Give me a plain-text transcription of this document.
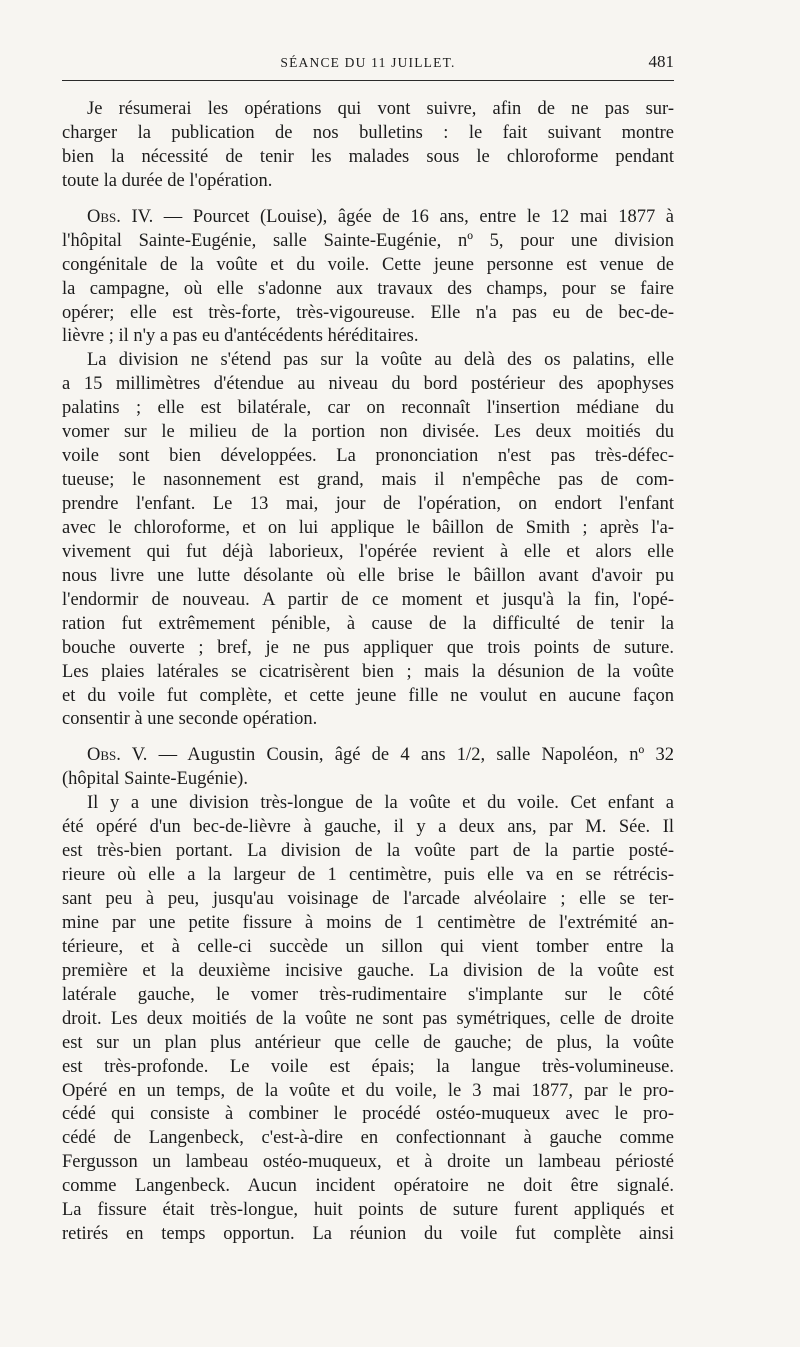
SÉANCE DU 11 JUILLET.	481
Je résumerai les opérations qui vont suivre, afin de ne pas sur-
charger la publication de nos bulletins : le fait suivant montre
bien la nécessité de tenir les malades sous le chloroforme pendant
toute la durée de l'opération.
Obs. IV. — Pourcet (Louise), âgée de 16 ans, entre le 12 mai 1877 à
l'hôpital Sainte-Eugénie, salle Sainte-Eugénie, nº 5, pour une division
congénitale de la voûte et du voile. Cette jeune personne est venue de
la campagne, où elle s'adonne aux travaux des champs, pour se faire
opérer; elle est très-forte, très-vigoureuse. Elle n'a pas eu de bec-de-
lièvre ; il n'y a pas eu d'antécédents héréditaires.
La division ne s'étend pas sur la voûte au delà des os palatins, elle
a 15 millimètres d'étendue au niveau du bord postérieur des apophyses
palatins ; elle est bilatérale, car on reconnaît l'insertion médiane du
vomer sur le milieu de la portion non divisée. Les deux moitiés du
voile sont bien développées. La prononciation n'est pas très-défec-
tueuse; le nasonnement est grand, mais il n'empêche pas de com-
prendre l'enfant. Le 13 mai, jour de l'opération, on endort l'enfant
avec le chloroforme, et on lui applique le bâillon de Smith ; après l'a-
vivement qui fut déjà laborieux, l'opérée revient à elle et alors elle
nous livre une lutte désolante où elle brise le bâillon avant d'avoir pu
l'endormir de nouveau. A partir de ce moment et jusqu'à la fin, l'opé-
ration fut extrêmement pénible, à cause de la difficulté de tenir la
bouche ouverte ; bref, je ne pus appliquer que trois points de suture.
Les plaies latérales se cicatrisèrent bien ; mais la désunion de la voûte
et du voile fut complète, et cette jeune fille ne voulut en aucune façon
consentir à une seconde opération.
Obs. V. — Augustin Cousin, âgé de 4 ans 1/2, salle Napoléon, nº 32
(hôpital Sainte-Eugénie).
Il y a une division très-longue de la voûte et du voile. Cet enfant a
été opéré d'un bec-de-lièvre à gauche, il y a deux ans, par M. Sée. Il
est très-bien portant. La division de la voûte part de la partie posté-
rieure où elle a la largeur de 1 centimètre, puis elle va en se rétrécis-
sant peu à peu, jusqu'au voisinage de l'arcade alvéolaire ; elle se ter-
mine par une petite fissure à moins de 1 centimètre de l'extrémité an-
térieure, et à celle-ci succède un sillon qui vient tomber entre la
première et la deuxième incisive gauche. La division de la voûte est
latérale gauche, le vomer très-rudimentaire s'implante sur le côté
droit. Les deux moitiés de la voûte ne sont pas symétriques, celle de droite
est sur un plan plus antérieur que celle de gauche; de plus, la voûte
est très-profonde. Le voile est épais; la langue très-volumineuse.
Opéré en un temps, de la voûte et du voile, le 3 mai 1877, par le pro-
cédé qui consiste à combiner le procédé ostéo-muqueux avec le pro-
cédé de Langenbeck, c'est-à-dire en confectionnant à gauche comme
Fergusson un lambeau ostéo-muqueux, et à droite un lambeau périosté
comme Langenbeck. Aucun incident opératoire ne doit être signalé.
La fissure était très-longue, huit points de suture furent appliqués et
retirés en temps opportun. La réunion du voile fut complète ainsi
